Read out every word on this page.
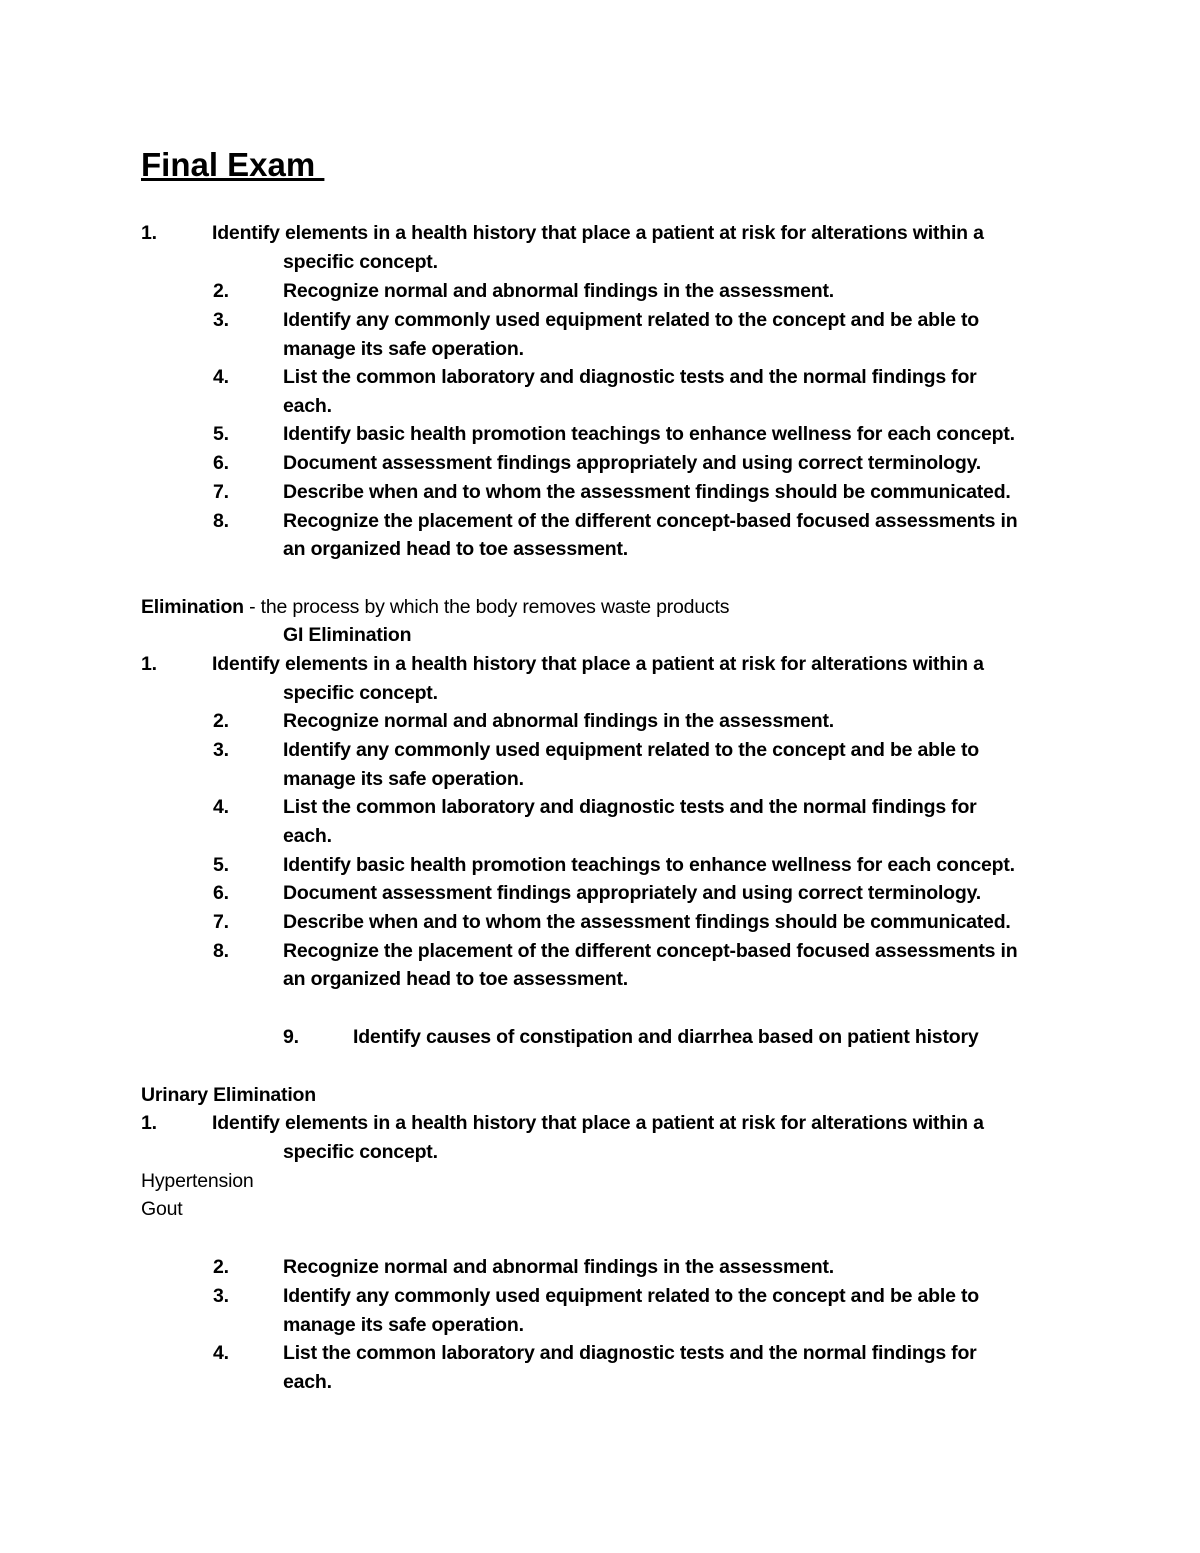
Final Exam
1.	Identify elements in a health history that place a patient at risk for alterations within a
specific concept.
2.	Recognize normal and abnormal findings in the assessment.
3.	Identify any commonly used equipment related to the concept and be able to
manage its safe operation.
4.	List the common laboratory and diagnostic tests and the normal findings for
each.
5.	Identify basic health promotion teachings to enhance wellness for each concept.
6.	Document assessment findings appropriately and using correct terminology.
7.	Describe when and to whom the assessment findings should be communicated.
8.	Recognize the placement of the different concept-based focused assessments in
an organized head to toe assessment.
Elimination - the process by which the body removes waste products
GI Elimination
1.	Identify elements in a health history that place a patient at risk for alterations within a
specific concept.
2.	Recognize normal and abnormal findings in the assessment.
3.	Identify any commonly used equipment related to the concept and be able to
manage its safe operation.
4.	List the common laboratory and diagnostic tests and the normal findings for
each.
5.	Identify basic health promotion teachings to enhance wellness for each concept.
6.	Document assessment findings appropriately and using correct terminology.
7.	Describe when and to whom the assessment findings should be communicated.
8.	Recognize the placement of the different concept-based focused assessments in
an organized head to toe assessment.
9.	Identify causes of constipation and diarrhea based on patient history
Urinary Elimination
1.	Identify elements in a health history that place a patient at risk for alterations within a
specific concept.
Hypertension
Gout
2.	Recognize normal and abnormal findings in the assessment.
3.	Identify any commonly used equipment related to the concept and be able to
manage its safe operation.
4.	List the common laboratory and diagnostic tests and the normal findings for
each.
